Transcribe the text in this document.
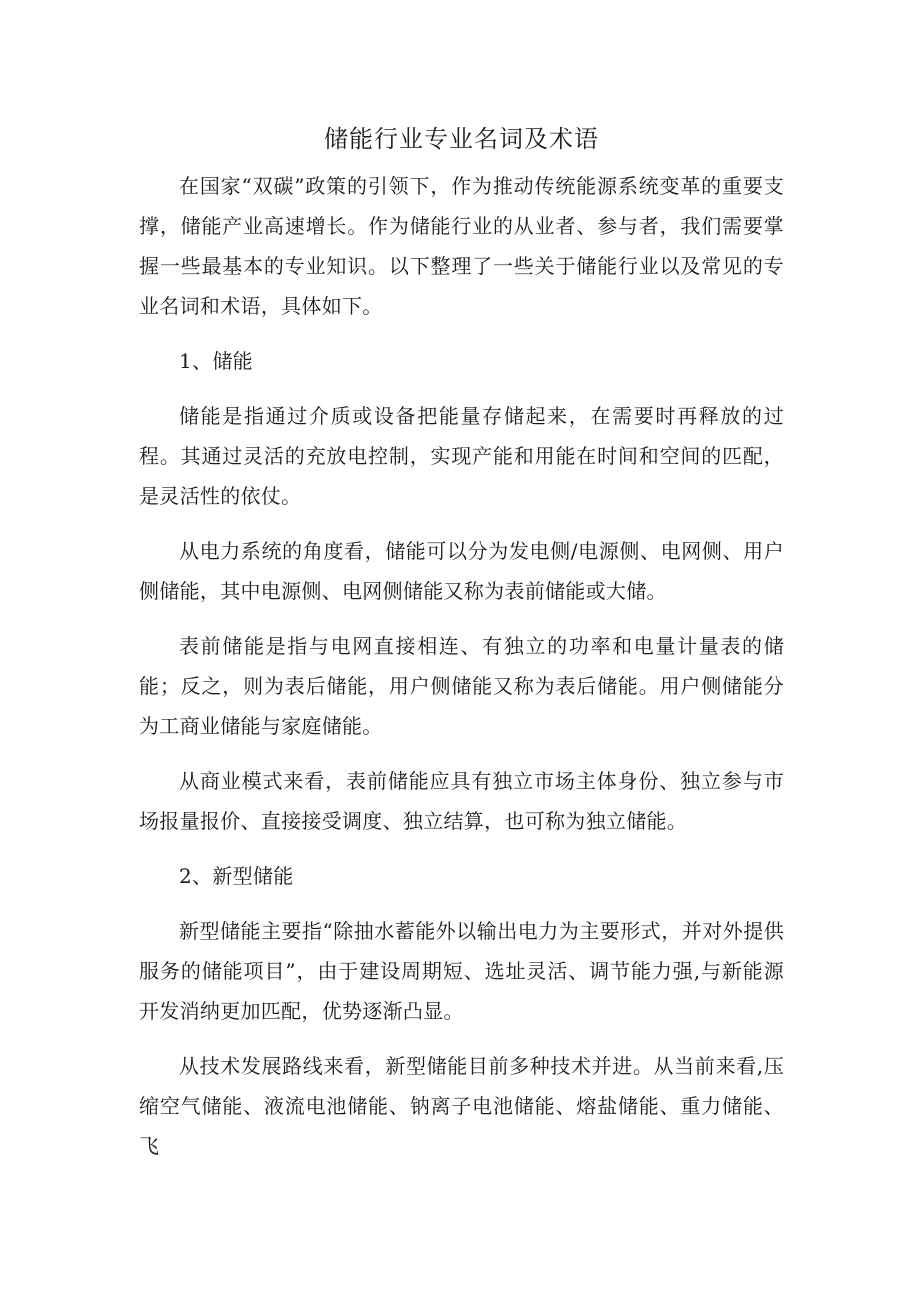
储能行业专业名词及术语

在国家“双碳”政策的引领下，作为推动传统能源系统变革的重要支撑，储能产业高速增长。作为储能行业的从业者、参与者，我们需要掌握一些最基本的专业知识。以下整理了一些关于储能行业以及常见的专业名词和术语，具体如下。

1、储能

储能是指通过介质或设备把能量存储起来，在需要时再释放的过程。其通过灵活的充放电控制，实现产能和用能在时间和空间的匹配，是灵活性的依仗。

从电力系统的角度看，储能可以分为发电侧/电源侧、电网侧、用户侧储能，其中电源侧、电网侧储能又称为表前储能或大储。

表前储能是指与电网直接相连、有独立的功率和电量计量表的储能；反之，则为表后储能，用户侧储能又称为表后储能。用户侧储能分为工商业储能与家庭储能。

从商业模式来看，表前储能应具有独立市场主体身份、独立参与市场报量报价、直接接受调度、独立结算，也可称为独立储能。

2、新型储能

新型储能主要指“除抽水蓄能外以输出电力为主要形式，并对外提供服务的储能项目”，由于建设周期短、选址灵活、调节能力强,与新能源开发消纳更加匹配，优势逐渐凸显。

从技术发展路线来看，新型储能目前多种技术并进。从当前来看,压缩空气储能、液流电池储能、钠离子电池储能、熔盐储能、重力储能、飞
